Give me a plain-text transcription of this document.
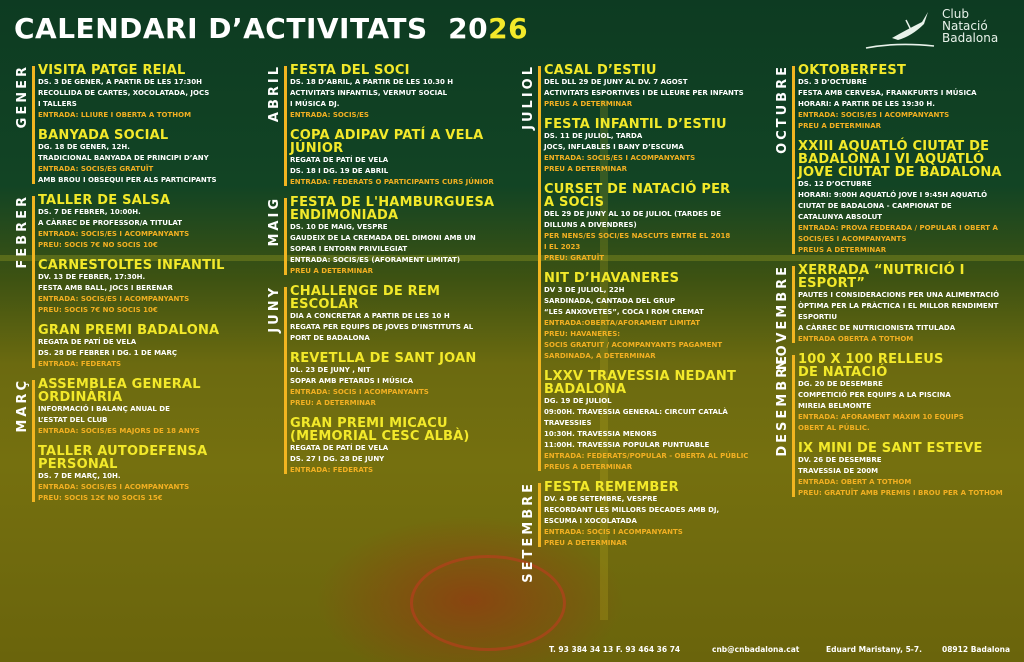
CALENDARI D’ACTIVITATS 2026	Club
Natació
Badalona
GENER VISITA PATGE REIAL
DS. 3 DE GENER, A PARTIR DE LES 17:30H
RECOLLIDA DE CARTES, XOCOLATADA, JOCS
I TALLERS
ENTRADA: LLIURE I OBERTA A TOTHOM
BANYADA SOCIAL
DG. 18 DE GENER, 12H.
TRADICIONAL BANYADA DE PRINCIPI D’ANY
ENTRADA: SOCIS/ES GRATUÏT
AMB BROU I OBSEQUI PER ALS PARTICIPANTS
FEBRER TALLER DE SALSA
DS. 7 DE FEBRER, 10:00H.
A CÀRREC DE PROFESSOR/A TITULAT
ENTRADA: SOCIS/ES I ACOMPANYANTS
PREU: SOCIS 7€ NO SOCIS 10€
CARNESTOLTES INFANTIL
DV. 13 DE FEBRER, 17:30H.
FESTA AMB BALL, JOCS I BERENAR
ENTRADA: SOCIS/ES I ACOMPANYANTS
PREU: SOCIS 7€ NO SOCIS 10€
GRAN PREMI BADALONA
REGATA DE PATÍ DE VELA
DS. 28 DE FEBRER I DG. 1 DE MARÇ
ENTRADA: FEDERATS
MARÇ ASSEMBLEA GENERAL
ORDINÀRIA
INFORMACIÓ I BALANÇ ANUAL DE
L’ESTAT DEL CLUB
ENTRADA: SOCIS/ES MAJORS DE 18 ANYS
TALLER AUTODEFENSA
PERSONAL
DS. 7 DE MARÇ, 10H.
ENTRADA: SOCIS/ES I ACOMPANYANTS
PREU: SOCIS 12€ NO SOCIS 15€
ABRIL FESTA DEL SOCI
DS. 18 D’ABRIL, A PARTIR DE LES 10.30 H
ACTIVITATS INFANTILS, VERMUT SOCIAL
I MÚSICA DJ.
ENTRADA: SOCIS/ES
COPA ADIPAV PATÍ A VELA
JÚNIOR
REGATA DE PATÍ DE VELA
DS. 18 I DG. 19 DE ABRIL
ENTRADA: FEDERATS O PARTICIPANTS CURS JÚNIOR
MAIG FESTA DE L'HAMBURGUESA
ENDIMONIADA
DS. 10 DE MAIG, VESPRE
GAUDEIX DE LA CREMADA DEL DIMONI AMB UN
SOPAR I ENTORN PRIVILEGIAT
ENTRADA: SOCIS/ES (AFORAMENT LIMITAT)
PREU A DETERMINAR
JUNY CHALLENGE DE REM
ESCOLAR
DIA A CONCRETAR A PARTIR DE LES 10 H
REGATA PER EQUIPS DE JOVES D’INSTITUTS AL
PORT DE BADALONA
REVETLLA DE SANT JOAN
DL. 23 DE JUNY , NIT
SOPAR AMB PETARDS I MÚSICA
ENTRADA: SOCIS I ACOMPANYANTS
PREU: A DETERMINAR
GRAN PREMI MICACU
(MEMORIAL CESC ALBÀ)
REGATA DE PATÍ DE VELA
DS. 27 I DG. 28 DE JUNY
ENTRADA: FEDERATS
JULIOL CASAL D’ESTIU
DEL DLL 29 DE JUNY AL DV. 7 AGOST
ACTIVITATS ESPORTIVES I DE LLEURE PER INFANTS
PREUS A DETERMINAR
FESTA INFANTIL D’ESTIU
DS. 11 DE JULIOL, TARDA
JOCS, INFLABLES I BANY D’ESCUMA
ENTRADA: SOCIS/ES I ACOMPANYANTS
PREU A DETERMINAR
CURSET DE NATACIÓ PER
A SOCIS
DEL 29 DE JUNY AL 10 DE JULIOL (TARDES DE
DILLUNS A DIVENDRES)
PER NENS/ES SOCI/ES NASCUTS ENTRE EL 2018
I EL 2023
PREU: GRATUÏT
NIT D’HAVANERES
DV 3 DE JULIOL, 22H
SARDINADA, CANTADA DEL GRUP
“LES ANXOVETES”, COCA I ROM CREMAT
ENTRADA:OBERTA/AFORAMENT LIMITAT
PREU: HAVANERES:
SOCIS GRATUIT / ACOMPANYANTS PAGAMENT
SARDINADA, A DETERMINAR
LXXV TRAVESSIA NEDANT
BADALONA
DG. 19 DE JULIOL
09:00H. TRAVESSIA GENERAL: CIRCUIT CATALÀ
TRAVESSIES
10:30H. TRAVESSIA MENORS
11:00H. TRAVESSIA POPULAR PUNTUABLE
ENTRADA: FEDERATS/POPULAR - OBERTA AL PÚBLIC
PREUS A DETERMINAR
SETEMBRE FESTA REMEMBER
DV. 4 DE SETEMBRE, VESPRE
RECORDANT LES MILLORS DECADES AMB DJ,
ESCUMA I XOCOLATADA
ENTRADA: SOCIS I ACOMPANYANTS
PREU A DETERMINAR
OCTUBRE OKTOBERFEST
DS. 3 D’OCTUBRE
FESTA AMB CERVESA, FRANKFURTS I MÚSICA
HORARI: A PARTIR DE LES 19:30 H.
ENTRADA: SOCIS/ES I ACOMPANYANTS
PREU A DETERMINAR
XXIII AQUATLÓ CIUTAT DE
BADALONA I VI AQUATLÓ
JOVE CIUTAT DE BADALONA
DS. 12 D’OCTUBRE
HORARI: 9:00H AQUATLÓ JOVE I 9:45H AQUATLÓ
CIUTAT DE BADALONA - CAMPIONAT DE
CATALUNYA ABSOLUT
ENTRADA: PROVA FEDERADA / POPULAR I OBERT A
SOCIS/ES I ACOMPANYANTS
PREUS A DETERMINAR
NOVEMBRE XERRADA “NUTRICIÓ I
ESPORT”
PAUTES I CONSIDERACIONS PER UNA ALIMENTACIÓ
ÒPTIMA PER LA PRÀCTICA I EL MILLOR RENDIMENT
ESPORTIU
A CÀRREC DE NUTRICIONISTA TITULADA
ENTRADA OBERTA A TOTHOM
DESEMBRE 100 X 100 RELLEUS
DE NATACIÓ
DG. 20 DE DESEMBRE
COMPETICIÓ PER EQUIPS A LA PISCINA
MIREIA BELMONTE
ENTRADA: AFORAMENT MÀXIM 10 EQUIPS
OBERT AL PÚBLIC.
IX MINI DE SANT ESTEVE
DV. 26 DE DESEMBRE
TRAVESSIA DE 200M
ENTRADA: OBERT A TOTHOM
PREU: GRATUÏT AMB PREMIS I BROU PER A TOTHOM
T. 93 384 34 13 F. 93 464 36 74	cnb@cnbadalona.cat	Eduard Maristany, 5-7.	08912 Badalona
